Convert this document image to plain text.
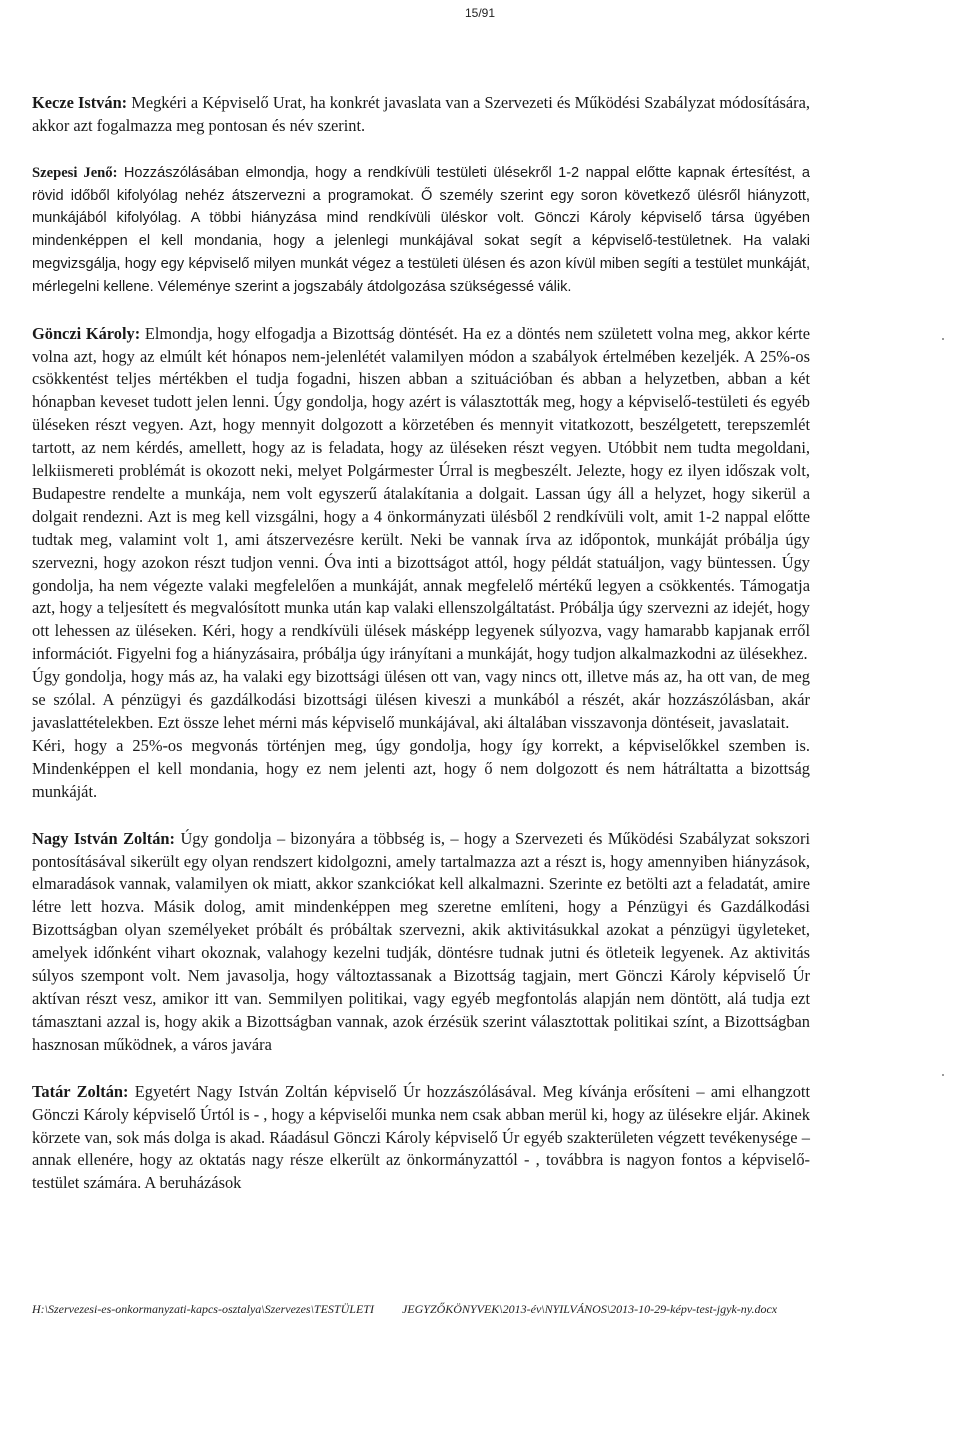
15/91

Kecze István: Megkéri a Képviselő Urat, ha konkrét javaslata van a Szervezeti és Működési Szabályzat módosítására, akkor azt fogalmazza meg pontosan és név szerint.

Szepesi Jenő: Hozzászólásában elmondja, hogy a rendkívüli testületi ülésekről 1-2 nappal előtte kapnak értesítést, a rövid időből kifolyólag nehéz átszervezni a programokat. Ő személy szerint egy soron következő ülésről hiányzott, munkájából kifolyólag. A többi hiányzása mind rendkívüli üléskor volt. Gönczi Károly képviselő társa ügyében mindenképpen el kell mondania, hogy a jelenlegi munkájával sokat segít a képviselő-testületnek. Ha valaki megvizsgálja, hogy egy képviselő milyen munkát végez a testületi ülésen és azon kívül miben segíti a testület munkáját, mérlegelni kellene. Véleménye szerint a jogszabály átdolgozása szükségessé válik.

Gönczi Károly: Elmondja, hogy elfogadja a Bizottság döntését. Ha ez a döntés nem született volna meg, akkor kérte volna azt, hogy az elmúlt két hónapos nem-jelenlétét valamilyen módon a szabályok értelmében kezeljék. A 25%-os csökkentést teljes mértékben el tudja fogadni, hiszen abban a szituációban és abban a helyzetben, abban a két hónapban keveset tudott jelen lenni. Úgy gondolja, hogy azért is választották meg, hogy a képviselő-testületi és egyéb üléseken részt vegyen. Azt, hogy mennyit dolgozott a körzetében és mennyit vitatkozott, beszélgetett, terepszemlét tartott, az nem kérdés, amellett, hogy az is feladata, hogy az üléseken részt vegyen. Utóbbit nem tudta megoldani, lelkiismereti problémát is okozott neki, melyet Polgármester Úrral is megbeszélt. Jelezte, hogy ez ilyen időszak volt, Budapestre rendelte a munkája, nem volt egyszerű átalakítania a dolgait. Lassan úgy áll a helyzet, hogy sikerül a dolgait rendezni. Azt is meg kell vizsgálni, hogy a 4 önkormányzati ülésből 2 rendkívüli volt, amit 1-2 nappal előtte tudtak meg, valamint volt 1, ami átszervezésre került. Neki be vannak írva az időpontok, munkáját próbálja úgy szervezni, hogy azokon részt tudjon venni. Óva inti a bizottságot attól, hogy példát statuáljon, vagy büntessen. Úgy gondolja, ha nem végezte valaki megfelelően a munkáját, annak megfelelő mértékű legyen a csökkentés. Támogatja azt, hogy a teljesített és megvalósított munka után kap valaki ellenszolgáltatást. Próbálja úgy szervezni az idejét, hogy ott lehessen az üléseken. Kéri, hogy a rendkívüli ülések másképp legyenek súlyozva, vagy hamarabb kapjanak erről információt. Figyelni fog a hiányzásaira, próbálja úgy irányítani a munkáját, hogy tudjon alkalmazkodni az ülésekhez.

Úgy gondolja, hogy más az, ha valaki egy bizottsági ülésen ott van, vagy nincs ott, illetve más az, ha ott van, de meg se szólal. A pénzügyi és gazdálkodási bizottsági ülésen kiveszi a munkából a részét, akár hozzászólásban, akár javaslattételekben. Ezt össze lehet mérni más képviselő munkájával, aki általában visszavonja döntéseit, javaslatait.

Kéri, hogy a 25%-os megvonás történjen meg, úgy gondolja, hogy így korrekt, a képviselőkkel szemben is. Mindenképpen el kell mondania, hogy ez nem jelenti azt, hogy ő nem dolgozott és nem hátráltatta a bizottság munkáját.

Nagy István Zoltán: Úgy gondolja – bizonyára a többség is, – hogy a Szervezeti és Működési Szabályzat sokszori pontosításával sikerült egy olyan rendszert kidolgozni, amely tartalmazza azt a részt is, hogy amennyiben hiányzások, elmaradások vannak, valamilyen ok miatt, akkor szankciókat kell alkalmazni. Szerinte ez betölti azt a feladatát, amire létre lett hozva. Másik dolog, amit mindenképpen meg szeretne említeni, hogy a Pénzügyi és Gazdálkodási Bizottságban olyan személyeket próbált és próbáltak szervezni, akik aktivitásukkal azokat a pénzügyi ügyleteket, amelyek időnként vihart okoznak, valahogy kezelni tudják, döntésre tudnak jutni és ötleteik legyenek. Az aktivitás súlyos szempont volt. Nem javasolja, hogy változtassanak a Bizottság tagjain, mert Gönczi Károly képviselő Úr aktívan részt vesz, amikor itt van. Semmilyen politikai, vagy egyéb megfontolás alapján nem döntött, alá tudja ezt támasztani azzal is, hogy akik a Bizottságban vannak, azok érzésük szerint választottak politikai színt, a Bizottságban hasznosan működnek, a város javára

Tatár Zoltán: Egyetért Nagy István Zoltán képviselő Úr hozzászólásával. Meg kívánja erősíteni – ami elhangzott Gönczi Károly képviselő Úrtól is - , hogy a képviselői munka nem csak abban merül ki, hogy az ülésekre eljár. Akinek körzete van, sok más dolga is akad. Ráadásul Gönczi Károly képviselő Úr egyéb szakterületen végzett tevékenysége – annak ellenére, hogy az oktatás nagy része elkerült az önkormányzattól - , továbbra is nagyon fontos a képviselő-testület számára. A beruházások

H:\Szervezesi-es-onkormanyzati-kapcs-osztalya\Szervezes\TESTÜLETI JEGYZŐKÖNYVEK\2013-év\NYILVÁNOS\2013-10-29-képv-test-jgyk-ny.docx
